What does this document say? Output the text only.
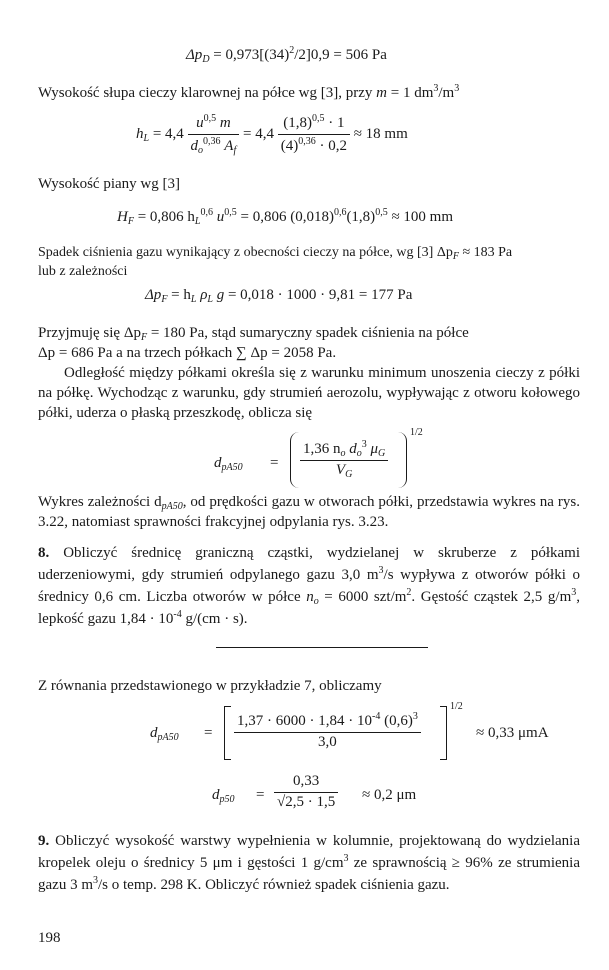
$\Delta p_D = 0,973[(34)^2/2]0,9 = 506$ Pa
Wysokość słupa cieczy klarownej na półce wg [3], przy m = 1 $dm^3/m^3$
$h_L = 4,4 \frac{u^{0,5} m}{d_o^{0,36} A_f} = 4,4 \frac{(1,8)^{0,5} \cdot 1}{(4)^{0,36} \cdot 0,2} \approx 18$ mm
Wysokość piany wg [3]
$H_F = 0,806$ $h_L^{0,6}$ $u^{0,5} = 0,806$ $(0,018)^{0,6}(1,8)^{0,5} \approx 100$ mm
Spadek ciśnienia gazu wynikający z obecności cieczy na półce, wg [3] $\Delta p_F \approx 183$ Pa
lub z zależności
$\Delta p_F = h_L$ $\rho_L$ g = 0,018 · 1000 · 9,81 = 177 Pa
Przyjmuję się $\Delta p_F = 180$ Pa, stąd sumaryczny spadek ciśnienia na półce
Δp = 686 Pa a na trzech półkach ∑ Δp = 2058 Pa.
Odległość między półkami określa się z warunku minimum unoszenia cieczy z półki na półkę. Wychodząc z warunku, gdy strumień aerozolu, wypływając z otworu kołowego półki, uderza o płaską przeszkodę, oblicza się
$d_{pA50} = \frac{1,36 n_o d_o^3 \mu_G}{V_G}$
1/2
Wykres zależności $d_{pA50}$, od prędkości gazu w otworach półki, przedstawia wykres na rys. 3.22, natomiast sprawności frakcyjnej odpylania rys. 3.23.
8. Obliczyć średnicę graniczną cząstki, wydzielanej w skruberze z półkami uderzeniowymi, gdy strumień odpylanego gazu 3,0 $m^3/s$ wypływa z otworów półki o średnicy 0,6 cm. Liczba otworów w półce $n_o = 6000$ szt/$m^2$. Gęstość cząstek 2,5 $g/m^3$, lepkość gazu $1,84 \cdot 10^{-4}$ g/(cm · s).
Z równania przedstawionego w przykładzie 7, obliczamy
$d_{pA50} = \frac{1,37 \cdot 6000 \cdot 1,84 \cdot 10^{-4} (0,6)^3}{3,0}$
1/2
≈ 0,33 μmA
$d_{p50} = \frac{0,33}{√2,5 \cdot 1,5} \approx 0,2$ μm
9. Obliczyć wysokość warstwy wypełnienia w kolumnie, projektowaną do wydzielania kropelek oleju o średnicy 5 μm i gęstości 1 $g/cm^3$ ze sprawnością ≥ 96% ze strumienia gazu 3 $m^3/s$ o temp. 298 K. Obliczyć również spadek ciśnienia gazu.
198
